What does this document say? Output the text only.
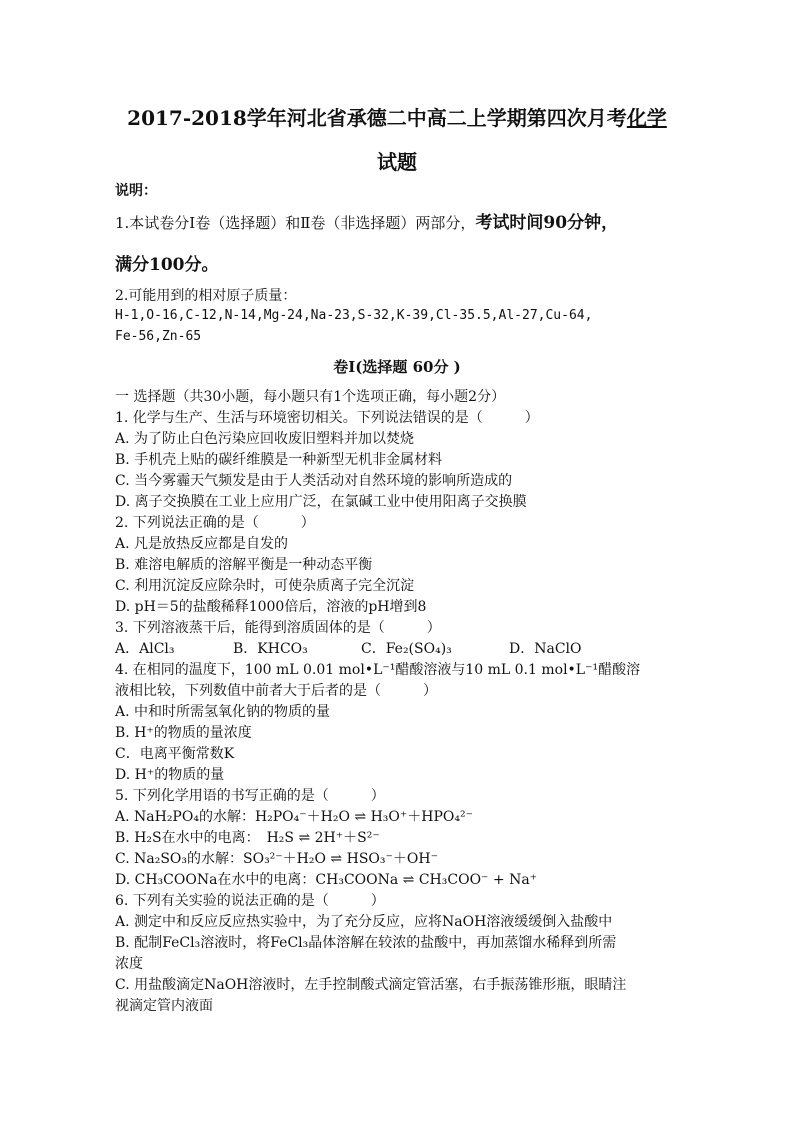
2017-2018学年河北省承德二中高二上学期第四次月考化学
试题
说明：
1.本试卷分Ⅰ卷（选择题）和Ⅱ卷（非选择题）两部分，考试时间90分钟，
满分100分。
2.可能用到的相对原子质量：
H-1,O-16,C-12,N-14,Mg-24,Na-23,S-32,K-39,Cl-35.5,Al-27,Cu-64,
Fe-56,Zn-65
卷Ⅰ(选择题 60分 )
一 选择题（共30小题，每小题只有1个选项正确，每小题2分）
1. 化学与生产、生活与环境密切相关。下列说法错误的是（　　　）
A. 为了防止白色污染应回收废旧塑料并加以焚烧
B. 手机壳上贴的碳纤维膜是一种新型无机非金属材料
C. 当今雾霾天气频发是由于人类活动对自然环境的影响所造成的
D. 离子交换膜在工业上应用广泛，在氯碱工业中使用阳离子交换膜
2. 下列说法正确的是（　　　）
A. 凡是放热反应都是自发的
B. 难溶电解质的溶解平衡是一种动态平衡
C. 利用沉淀反应除杂时，可使杂质离子完全沉淀
D. pH＝5的盐酸稀释1000倍后，溶液的pH增到8
3. 下列溶液蒸干后，能得到溶质固体的是（　　　）
A．AlCl₃	B．KHCO₃	C．Fe₂(SO₄)₃	D．NaClO
4. 在相同的温度下，100 mL 0.01 mol•L⁻¹醋酸溶液与10 mL 0.1 mol•L⁻¹醋酸溶
液相比较，下列数值中前者大于后者的是（　　　）
A. 中和时所需氢氧化钠的物质的量
B. H⁺的物质的量浓度
C．电离平衡常数K
D. H⁺的物质的量
5. 下列化学用语的书写正确的是（　　　）
A. NaH₂PO₄的水解：H₂PO₄⁻＋H₂O ⇌ H₃O⁺＋HPO₄²⁻
B. H₂S在水中的电离：　H₂S ⇌ 2H⁺＋S²⁻
C. Na₂SO₃的水解：SO₃²⁻＋H₂O ⇌ HSO₃⁻＋OH⁻
D. CH₃COONa在水中的电离：CH₃COONa ⇌ CH₃COO⁻ + Na⁺
6. 下列有关实验的说法正确的是（　　　）
A. 测定中和反应反应热实验中，为了充分反应，应将NaOH溶液缓缓倒入盐酸中
B. 配制FeCl₃溶液时，将FeCl₃晶体溶解在较浓的盐酸中，再加蒸馏水稀释到所需
浓度
C. 用盐酸滴定NaOH溶液时，左手控制酸式滴定管活塞，右手振荡锥形瓶，眼睛注
视滴定管内液面
